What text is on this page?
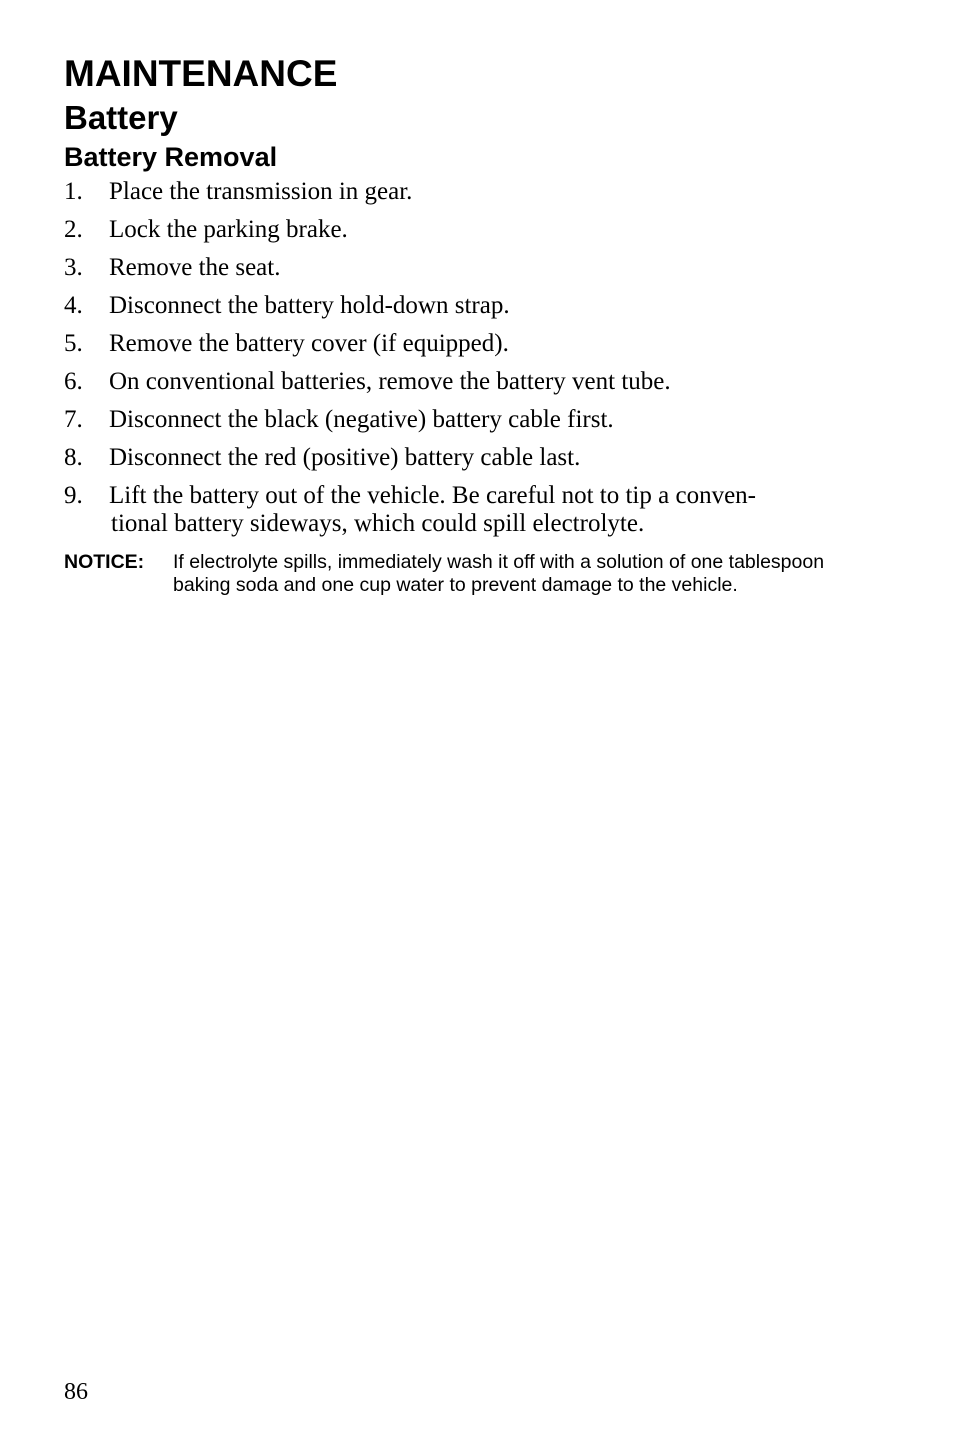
MAINTENANCE
Battery
Battery Removal
1. Place the transmission in gear.
2. Lock the parking brake.
3. Remove the seat.
4. Disconnect the battery hold-down strap.
5. Remove the battery cover (if equipped).
6. On conventional batteries, remove the battery vent tube.
7. Disconnect the black (negative) battery cable first.
8. Disconnect the red (positive) battery cable last.
9. Lift the battery out of the vehicle. Be careful not to tip a conven-
tional battery sideways, which could spill electrolyte.
NOTICE: If electrolyte spills, immediately wash it off with a solution of one tablespoon baking soda and one cup water to prevent damage to the vehicle.
86
